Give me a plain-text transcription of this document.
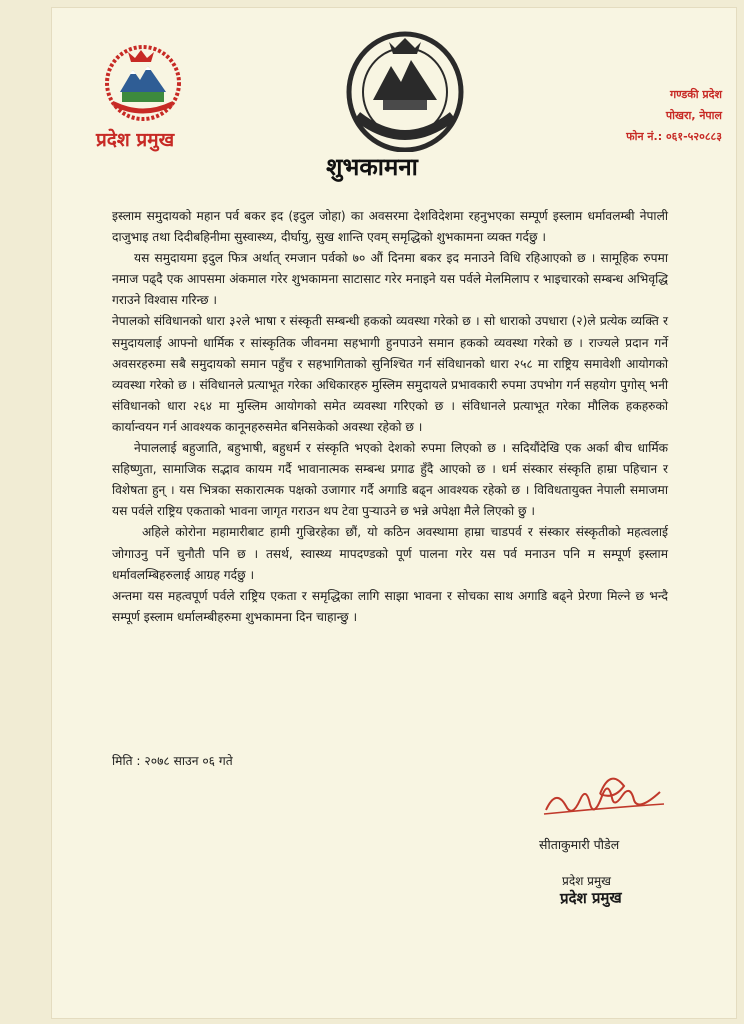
प्रदेश प्रमुख
गण्डकी प्रदेश
पोखरा, नेपाल
फोन नं.: ०६१-५२०८८३
शुभकामना

इस्लाम समुदायको महान पर्व बकर इद (इदुल जोहा) का अवसरमा देशविदेशमा रहनुभएका सम्पूर्ण इस्लाम धर्मावलम्बी नेपाली दाजुभाइ तथा दिदीबहिनीमा सुस्वास्थ्य, दीर्घायु, सुख शान्ति एवम् समृद्धिको शुभकामना व्यक्त गर्दछु ।

यस समुदायमा इदुल फित्र अर्थात् रमजान पर्वको ७० औं दिनमा बकर इद मनाउने विधि रहिआएको छ । सामूहिक रुपमा नमाज पढ्दै एक आपसमा अंकमाल गरेर शुभकामना साटासाट गरेर मनाइने यस पर्वले मेलमिलाप र भाइचारको सम्बन्ध अभिवृद्धि गराउने विश्वास गरिन्छ ।

नेपालको संविधानको धारा ३२ले भाषा र संस्कृती सम्बन्धी हकको व्यवस्था गरेको छ । सो धाराको उपधारा (२)ले प्रत्येक व्यक्ति र समुदायलाई आफ्नो धार्मिक र सांस्कृतिक जीवनमा सहभागी हुनपाउने समान हकको व्यवस्था गरेको छ । राज्यले प्रदान गर्ने अवसरहरुमा सबै समुदायको समान पहुँच र सहभागिताको सुनिश्चित गर्न संविधानको धारा २५८ मा राष्ट्रिय समावेशी आयोगको व्यवस्था गरेको छ । संविधानले प्रत्याभूत गरेका अधिकारहरु मुस्लिम समुदायले प्रभावकारी रुपमा उपभोग गर्न सहयोग पुगोस् भनी संविधानको धारा २६४ मा मुस्लिम आयोगको समेत व्यवस्था गरिएको छ । संविधानले प्रत्याभूत गरेका मौलिक हकहरुको कार्यान्वयन गर्न आवश्यक कानूनहरुसमेत बनिसकेको अवस्था रहेको छ ।

नेपाललाई बहुजाति, बहुभाषी, बहुधर्म र संस्कृति भएको देशको रुपमा लिएको छ । सदियौंदेखि एक अर्का बीच धार्मिक सहिष्णुता, सामाजिक सद्भाव कायम गर्दै भावानात्मक सम्बन्ध प्रगाढ हुँदै आएको छ । धर्म संस्कार संस्कृति हाम्रा पहिचान र विशेषता हुन् । यस भित्रका सकारात्मक पक्षको उजागार गर्दै अगाडि बढ्न आवश्यक रहेको छ । विविधतायुक्त नेपाली समाजमा यस पर्वले राष्ट्रिय एकताको भावना जागृत गराउन थप टेवा पुर्‍याउने छ भन्ने अपेक्षा मैले लिएको छु ।

अहिले कोरोना महामारीबाट हामी गुज्रिरहेका छौं, यो कठिन अवस्थामा हाम्रा चाडपर्व र संस्कार संस्कृतीको महत्वलाई जोगाउनु पर्ने चुनौती पनि छ । तसर्थ, स्वास्थ्य मापदण्डको पूर्ण पालना गरेर यस पर्व मनाउन पनि म सम्पूर्ण इस्लाम धर्मावलम्बिहरुलाई आग्रह गर्दछु ।

अन्तमा यस महत्वपूर्ण पर्वले राष्ट्रिय एकता र समृद्धिका लागि साझा भावना र सोचका साथ अगाडि बढ्ने प्रेरणा मिल्ने छ भन्दै सम्पूर्ण इस्लाम धर्मालम्बीहरुमा शुभकामना दिन चाहान्छु ।

मिति : २०७८ साउन ०६ गते
सीताकुमारी पौडेल
प्रदेश प्रमुख
प्रदेश प्रमुख
